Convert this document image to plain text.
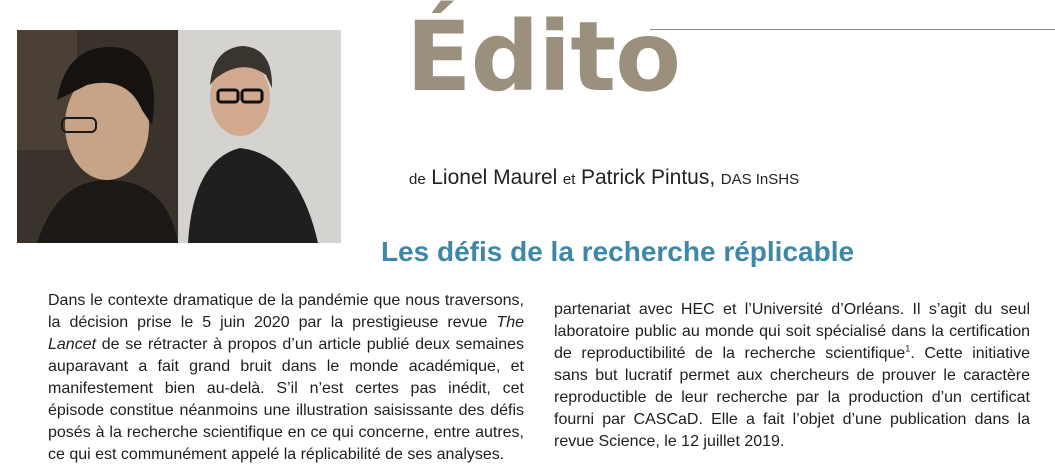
Édito
de Lionel Maurel et Patrick Pintus, DAS InSHS
Les défis de la recherche réplicable

Dans le contexte dramatique de la pandémie que nous traversons, la décision prise le 5 juin 2020 par la prestigieuse revue The Lancet de se rétracter à propos d’un article publié deux semaines auparavant a fait grand bruit dans le monde académique, et manifestement bien au-delà. S’il n’est certes pas inédit, cet épisode constitue néanmoins une illustration saisissante des défis posés à la recherche scientifique en ce qui concerne, entre autres, ce qui est communément appelé la réplicabilité de ses analyses.

partenariat avec HEC et l’Université d’Orléans. Il s’agit du seul laboratoire public au monde qui soit spécialisé dans la certification de reproductibilité de la recherche scientifique$^1$. Cette initiative sans but lucratif permet aux chercheurs de prouver le caractère reproductible de leur recherche par la production d’un certificat fourni par CASCaD. Elle a fait l’objet d’une publication dans la revue Science, le 12 juillet 2019.
